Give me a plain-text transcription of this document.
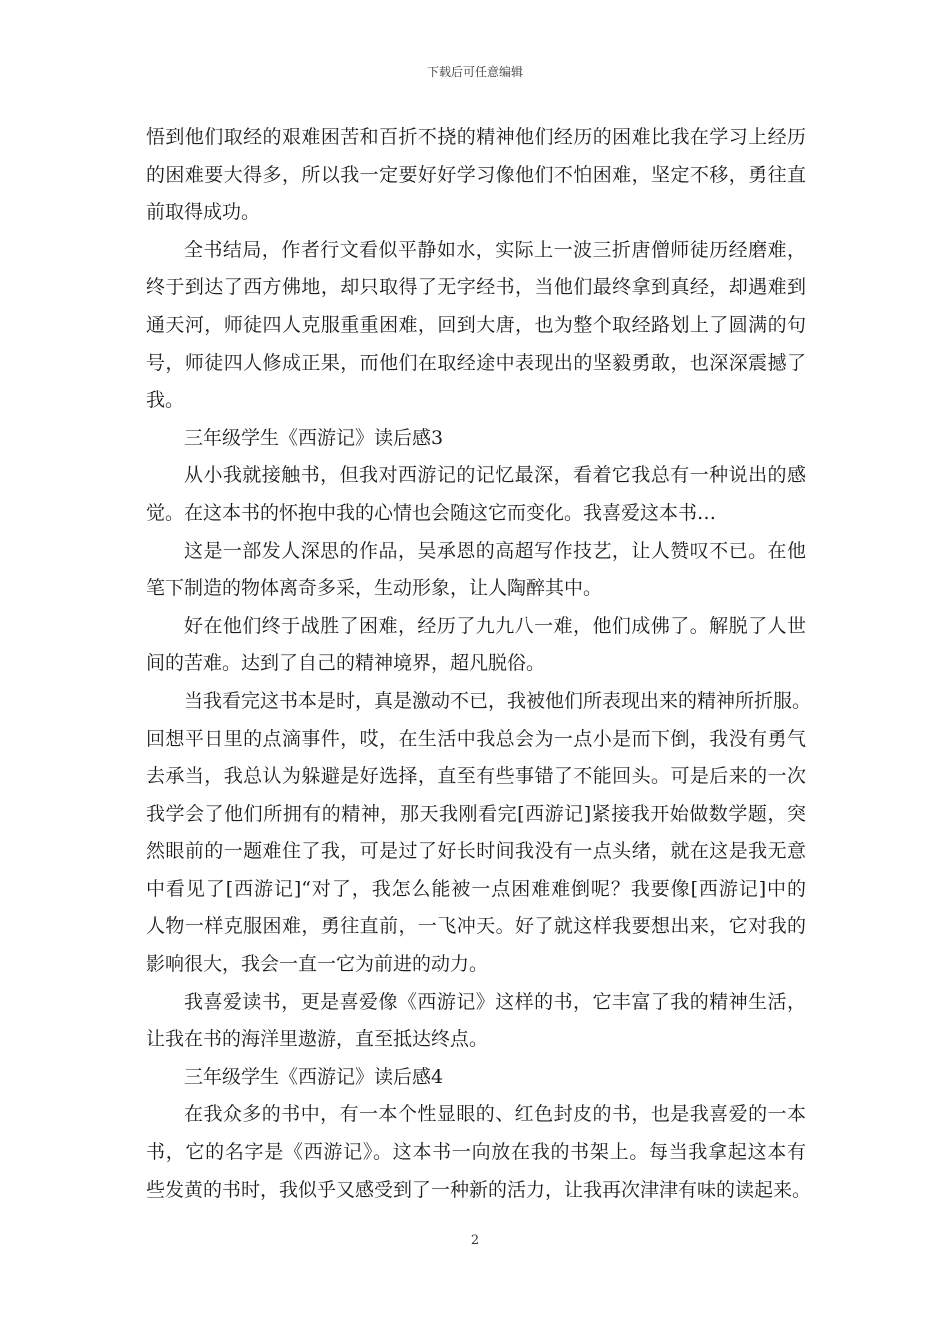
下载后可任意编辑
悟到他们取经的艰难困苦和百折不挠的精神他们经历的困难比我在学习上经历
的困难要大得多，所以我一定要好好学习像他们不怕困难，坚定不移，勇往直
前取得成功。
全书结局，作者行文看似平静如水，实际上一波三折唐僧师徒历经磨难，
终于到达了西方佛地，却只取得了无字经书，当他们最终拿到真经，却遇难到
通天河，师徒四人克服重重困难，回到大唐，也为整个取经路划上了圆满的句
号，师徒四人修成正果，而他们在取经途中表现出的坚毅勇敢，也深深震撼了
我。
三年级学生《西游记》读后感3
从小我就接触书，但我对西游记的记忆最深，看着它我总有一种说出的感
觉。在这本书的怀抱中我的心情也会随这它而变化。我喜爱这本书…
这是一部发人深思的作品，吴承恩的高超写作技艺，让人赞叹不已。在他
笔下制造的物体离奇多采，生动形象，让人陶醉其中。
好在他们终于战胜了困难，经历了九九八一难，他们成佛了。解脱了人世
间的苦难。达到了自己的精神境界，超凡脱俗。
当我看完这书本是时，真是激动不已，我被他们所表现出来的精神所折服。
回想平日里的点滴事件，哎，在生活中我总会为一点小是而下倒，我没有勇气
去承当，我总认为躲避是好选择，直至有些事错了不能回头。可是后来的一次
我学会了他们所拥有的精神，那天我刚看完[西游记]紧接我开始做数学题，突
然眼前的一题难住了我，可是过了好长时间我没有一点头绪，就在这是我无意
中看见了[西游记]“对了，我怎么能被一点困难难倒呢？我要像[西游记]中的
人物一样克服困难，勇往直前，一飞冲天。好了就这样我要想出来，它对我的
影响很大，我会一直一它为前进的动力。
我喜爱读书，更是喜爱像《西游记》这样的书，它丰富了我的精神生活，
让我在书的海洋里遨游，直至抵达终点。
三年级学生《西游记》读后感4
在我众多的书中，有一本个性显眼的、红色封皮的书，也是我喜爱的一本
书，它的名字是《西游记》。这本书一向放在我的书架上。每当我拿起这本有
些发黄的书时，我似乎又感受到了一种新的活力，让我再次津津有味的读起来。
2
